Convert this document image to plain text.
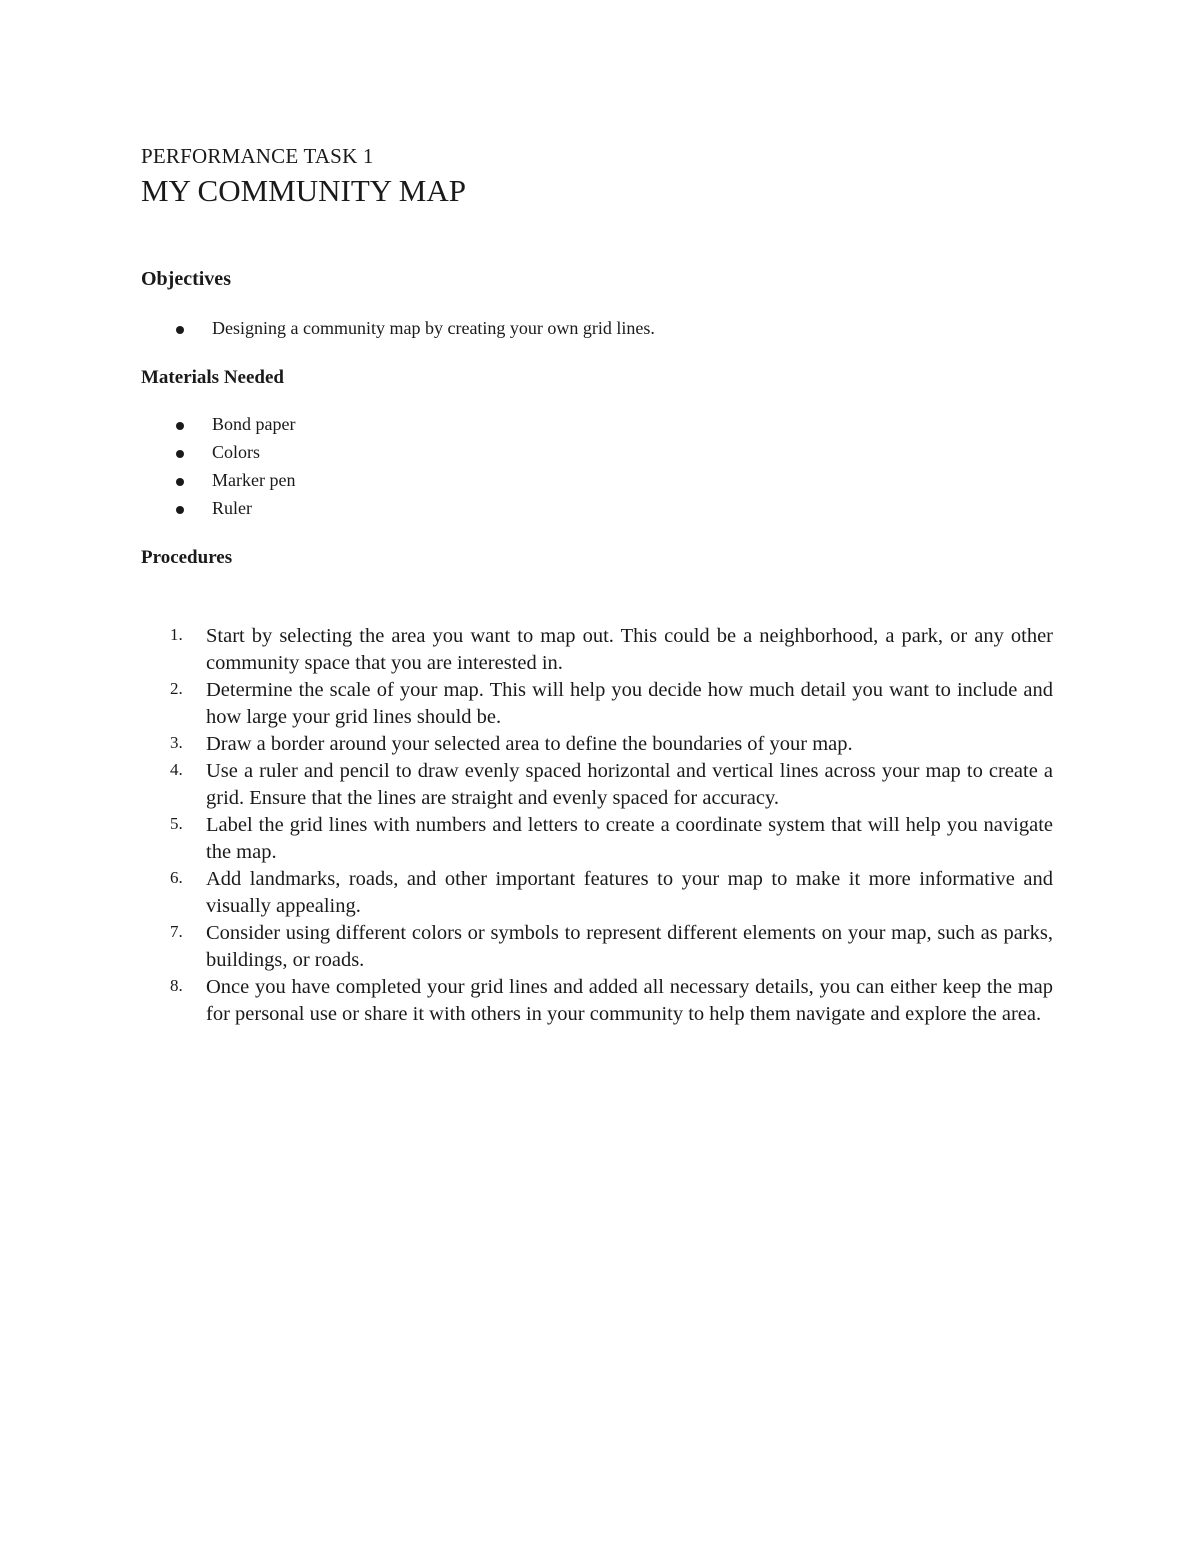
PERFORMANCE TASK 1
MY COMMUNITY MAP
Objectives
Designing a community map by creating your own grid lines.
Materials Needed
Bond paper
Colors
Marker pen
Ruler
Procedures
1. Start by selecting the area you want to map out. This could be a neighborhood, a park, or any other community space that you are interested in.
2. Determine the scale of your map. This will help you decide how much detail you want to include and how large your grid lines should be.
3. Draw a border around your selected area to define the boundaries of your map.
4. Use a ruler and pencil to draw evenly spaced horizontal and vertical lines across your map to create a grid. Ensure that the lines are straight and evenly spaced for accuracy.
5. Label the grid lines with numbers and letters to create a coordinate system that will help you navigate the map.
6. Add landmarks, roads, and other important features to your map to make it more informative and visually appealing.
7. Consider using different colors or symbols to represent different elements on your map, such as parks, buildings, or roads.
8. Once you have completed your grid lines and added all necessary details, you can either keep the map for personal use or share it with others in your community to help them navigate and explore the area.
